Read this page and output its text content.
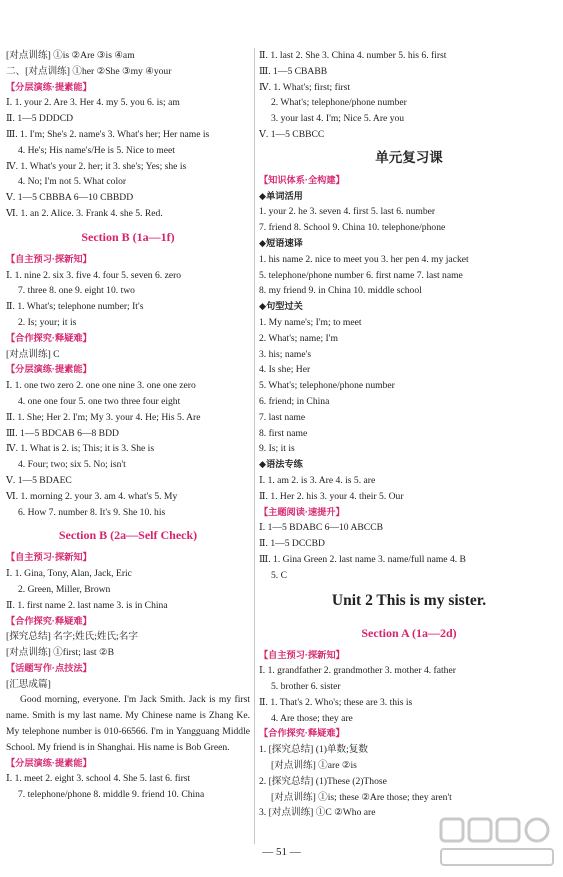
[对点训练] ①is ②Are ③is ④am
二、[对点训练] ①her ②She ③my ④your
【分层演练·提素能】
Ⅰ. 1. your 2. Are 3. Her 4. my 5. you 6. is; am
Ⅱ. 1—5 DDDCD
Ⅲ. 1. I'm; She's 2. name's 3. What's her; Her name is
4. He's; His name's/He is 5. Nice to meet
Ⅳ. 1. What's your 2. her; it 3. she's; Yes; she is
4. No; I'm not 5. What color
Ⅴ. 1—5 CBBBA 6—10 CBBDD
Ⅵ. 1. an 2. Alice. 3. Frank 4. she 5. Red.
Section B (1a—1f)
【自主预习·探新知】
Ⅰ. 1. nine 2. six 3. five 4. four 5. seven 6. zero
7. three 8. one 9. eight 10. two
Ⅱ. 1. What's; telephone number; It's
2. Is; your; it is
【合作探究·释疑难】
[对点训练] C
【分层演练·提素能】
Ⅰ. 1. one two zero 2. one one nine 3. one one zero
4. one one four 5. one two three four eight
Ⅱ. 1. She; Her 2. I'm; My 3. your 4. He; His 5. Are
Ⅲ. 1—5 BDCAB 6—8 BDD
Ⅳ. 1. What is 2. is; This; it is 3. She is
4. Four; two; six 5. No; isn't
Ⅴ. 1—5 BDAEC
Ⅵ. 1. morning 2. your 3. am 4. what's 5. My
6. How 7. number 8. It's 9. She 10. his
Section B (2a—Self Check)
【自主预习·探新知】
Ⅰ. 1. Gina, Tony, Alan, Jack, Eric
2. Green, Miller, Brown
Ⅱ. 1. first name 2. last name 3. is in China
【合作探究·释疑难】
[探究总结] 名字;姓氏;姓氏;名字
[对点训练] ①first; last ②B
【话题写作·点技法】
[汇思成篇]
Good morning, everyone. I'm Jack Smith. Jack is my first name. Smith is my last name. My Chinese name is Zhang Ke. My telephone number is 010-66566. I'm in Yangguang Middle School. My friend is in Shanghai. His name is Bob Green.
【分层演练·提素能】
Ⅰ. 1. meet 2. eight 3. school 4. She 5. last 6. first
7. telephone/phone 8. middle 9. friend 10. China
Ⅱ. 1. last 2. She 3. China 4. number 5. his 6. first
Ⅲ. 1—5 CBABB
Ⅳ. 1. What's; first; first
2. What's; telephone/phone number
3. your last 4. I'm; Nice 5. Are you
Ⅴ. 1—5 CBBCC
单元复习课
【知识体系·全构建】
◆单词活用
1. your 2. he 3. seven 4. first 5. last 6. number
7. friend 8. School 9. China 10. telephone/phone
◆短语速译
1. his name 2. nice to meet you 3. her pen 4. my jacket
5. telephone/phone number 6. first name 7. last name
8. my friend 9. in China 10. middle school
◆句型过关
1. My name's; I'm; to meet
2. What's; name; I'm
3. his; name's
4. Is she; Her
5. What's; telephone/phone number
6. friend; in China
7. last name
8. first name
9. Is; it is
◆语法专练
Ⅰ. 1. am 2. is 3. Are 4. is 5. are
Ⅱ. 1. Her 2. his 3. your 4. their 5. Our
【主题阅读·速提升】
Ⅰ. 1—5 BDABC 6—10 ABCCB
Ⅱ. 1—5 DCCBD
Ⅲ. 1. Gina Green 2. last name 3. name/full name 4. B
5. C
Unit 2 This is my sister.
Section A (1a—2d)
【自主预习·探新知】
Ⅰ. 1. grandfather 2. grandmother 3. mother 4. father
5. brother 6. sister
Ⅱ. 1. That's 2. Who's; these are 3. this is
4. Are those; they are
【合作探究·释疑难】
1. [探究总结] (1)单数;复数
[对点训练] ①are ②is
2. [探究总结] (1)These (2)Those
[对点训练] ①is; these ②Are those; they aren't
3. [对点训练] ①C ②Who are
— 51 —
